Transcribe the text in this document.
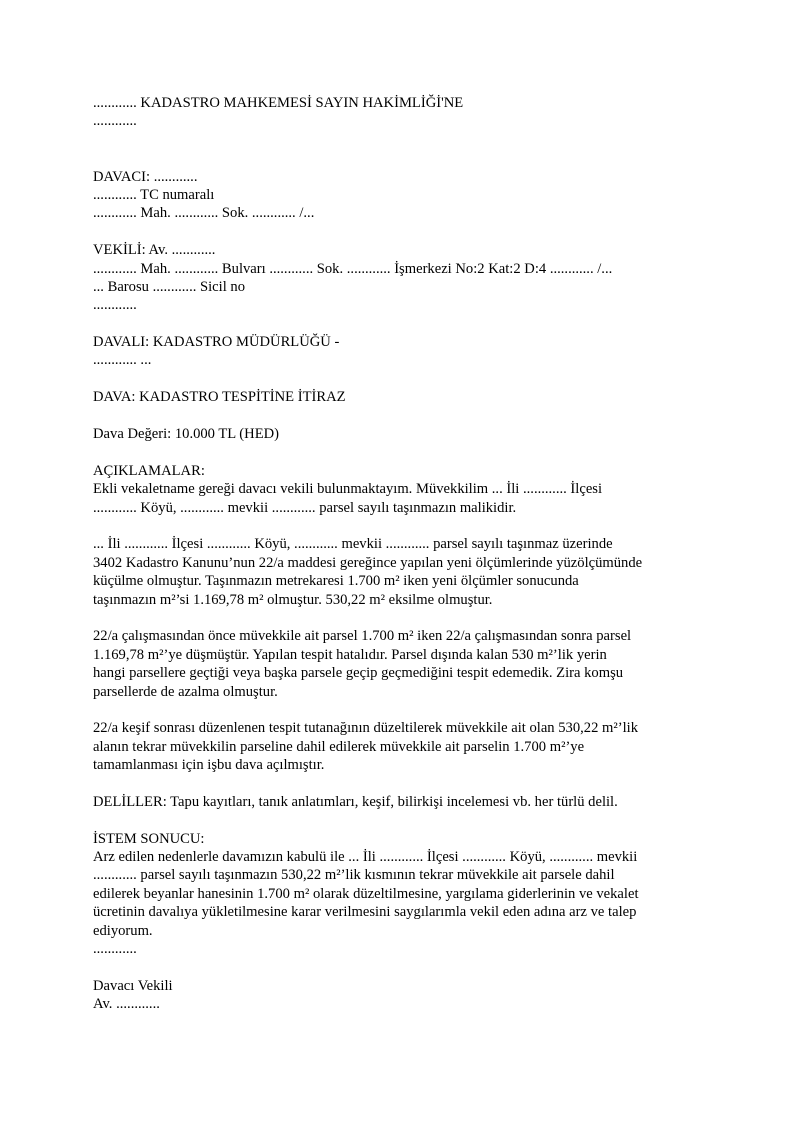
............ KADASTRO MAHKEMESİ SAYIN HAKİMLİĞİ'NE
............
DAVACI: ............
............ TC numaralı
............ Mah. ............ Sok. ............ /...
VEKİLİ: Av. ............
............ Mah. ............ Bulvarı ............ Sok. ............ İşmerkezi No:2 Kat:2 D:4 ............ /...
... Barosu ............ Sicil no
............
DAVALI: KADASTRO MÜDÜRLÜĞÜ -
............ ...
DAVA: KADASTRO TESPİTİNE İTİRAZ
Dava Değeri: 10.000 TL (HED)
AÇIKLAMALAR:
Ekli vekaletname gereği davacı vekili bulunmaktayım. Müvekkilim ... İli ............ İlçesi
............ Köyü, ............ mevkii ............ parsel sayılı taşınmazın malikidir.
... İli ............ İlçesi ............ Köyü, ............ mevkii ............ parsel sayılı taşınmaz üzerinde
3402 Kadastro Kanunu’nun 22/a maddesi gereğince yapılan yeni ölçümlerinde yüzölçümünde
küçülme olmuştur. Taşınmazın metrekaresi 1.700 m² iken yeni ölçümler sonucunda
taşınmazın m²’si 1.169,78 m² olmuştur. 530,22 m² eksilme olmuştur.
22/a çalışmasından önce müvekkile ait parsel 1.700 m² iken 22/a çalışmasından sonra parsel
1.169,78 m²’ye düşmüştür. Yapılan tespit hatalıdır. Parsel dışında kalan 530 m²’lik yerin
hangi parsellere geçtiği veya başka parsele geçip geçmediğini tespit edemedik. Zira komşu
parsellerde de azalma olmuştur.
22/a keşif sonrası düzenlenen tespit tutanağının düzeltilerek müvekkile ait olan 530,22 m²’lik
alanın tekrar müvekkilin parseline dahil edilerek müvekkile ait parselin 1.700 m²’ye
tamamlanması için işbu dava açılmıştır.
DELİLLER: Tapu kayıtları, tanık anlatımları, keşif, bilirkişi incelemesi vb. her türlü delil.
İSTEM SONUCU:
Arz edilen nedenlerle davamızın kabulü ile ... İli ............ İlçesi ............ Köyü, ............ mevkii
............ parsel sayılı taşınmazın 530,22 m²’lik kısmının tekrar müvekkile ait parsele dahil
edilerek beyanlar hanesinin 1.700 m² olarak düzeltilmesine, yargılama giderlerinin ve vekalet
ücretinin davalıya yükletilmesine karar verilmesini saygılarımla vekil eden adına arz ve talep
ediyorum.
............
Davacı Vekili
Av. ............
